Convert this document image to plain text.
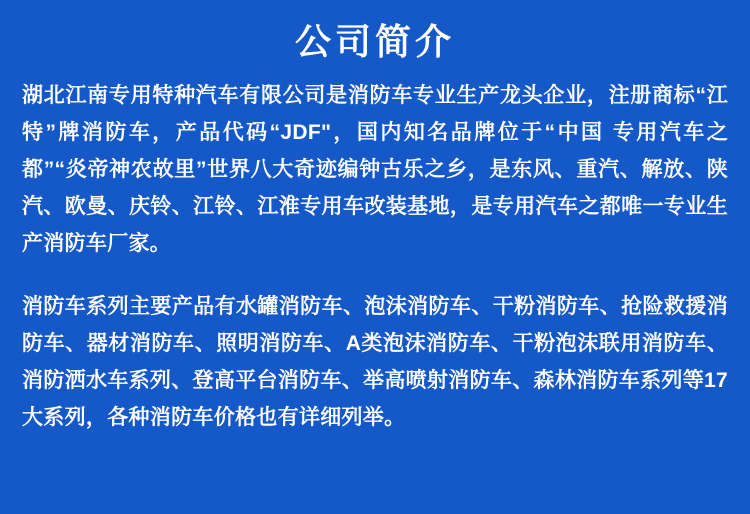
公司简介

湖北江南专用特种汽车有限公司是消防车专业生产龙头企业，注册商标“江特”牌消防车，产品代码“JDF"，国内知名品牌位于“中国 专用汽车之都”“炎帝神农故里”世界八大奇迹编钟古乐之乡，是东风、重汽、解放、陕汽、欧曼、庆铃、江铃、江淮专用车改装基地，是专用汽车之都唯一专业生产消防车厂家。

消防车系列主要产品有水罐消防车、泡沫消防车、干粉消防车、抢险救援消防车、器材消防车、照明消防车、A类泡沫消防车、干粉泡沫联用消防车、消防洒水车系列、登高平台消防车、举高喷射消防车、森林消防车系列等17大系列，各种消防车价格也有详细列举。
